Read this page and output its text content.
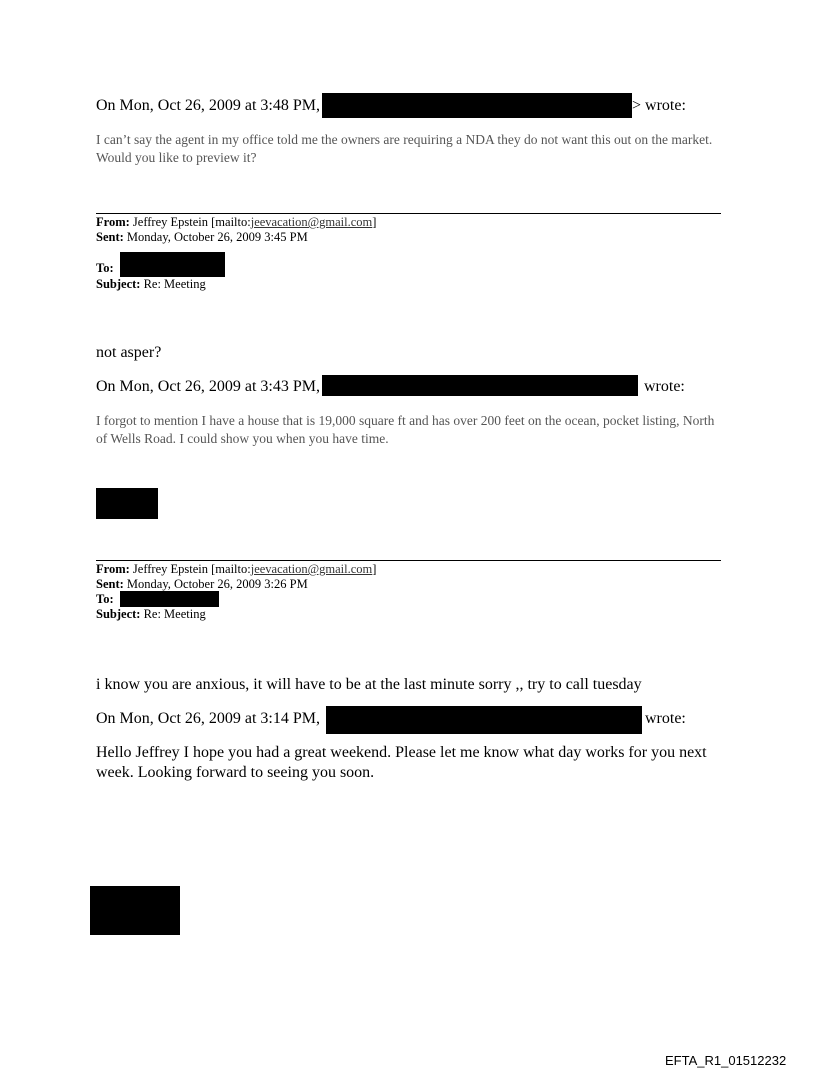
On Mon, Oct 26, 2009 at 3:48 PM,	> wrote:
I can’t say the agent in my office told me the owners are requiring a NDA they do not want this out on the market. Would you like to preview it?
From: Jeffrey Epstein [mailto:jeevacation@gmail.com]
Sent: Monday, October 26, 2009 3:45 PM
To:
Subject: Re: Meeting
not asper?
On Mon, Oct 26, 2009 at 3:43 PM,	wrote:
I forgot to mention I have a house that is 19,000 square ft and has over 200 feet on the ocean, pocket listing, North of Wells Road. I could show you when you have time.
From: Jeffrey Epstein [mailto:jeevacation@gmail.com]
Sent: Monday, October 26, 2009 3:26 PM
To:
Subject: Re: Meeting
i know you are anxious, it will have to be at the last minute sorry ,, try to call tuesday
On Mon, Oct 26, 2009 at 3:14 PM,	wrote:
Hello Jeffrey I hope you had a great weekend. Please let me know what day works for you next week. Looking forward to seeing you soon.
EFTA_R1_01512232
